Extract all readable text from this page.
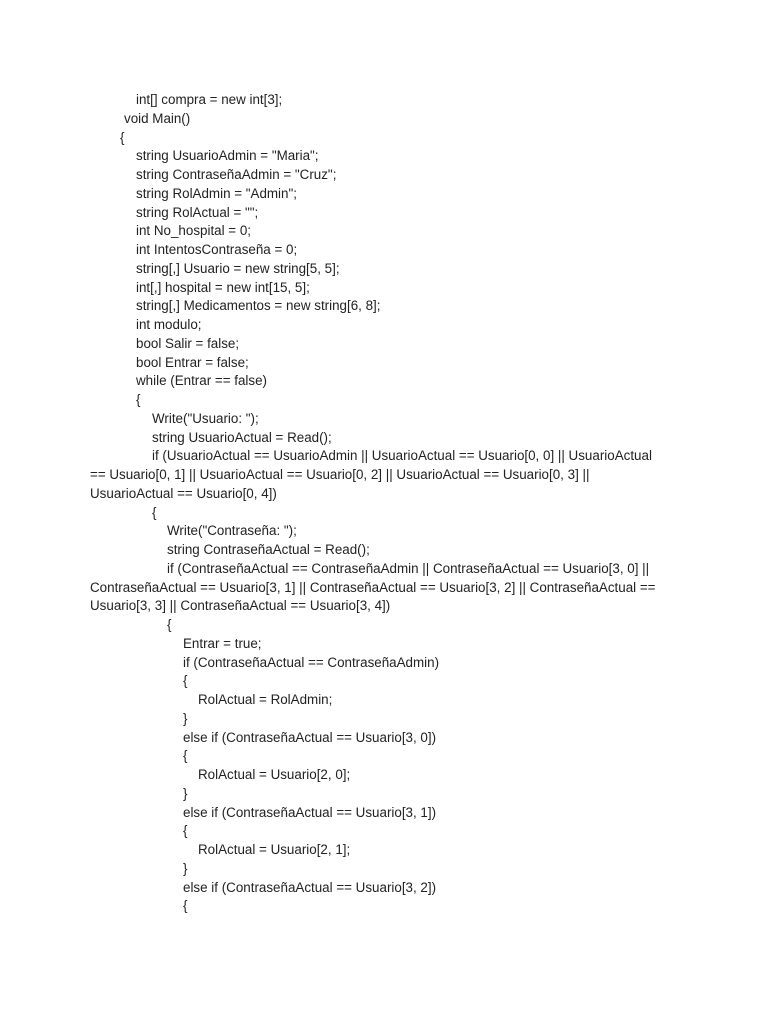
int[] compra = new int[3];
void Main()
{
string UsuarioAdmin = "Maria";
string ContraseñaAdmin = "Cruz";
string RolAdmin = "Admin";
string RolActual = "";
int No_hospital = 0;
int IntentosContraseña = 0;
string[,] Usuario = new string[5, 5];
int[,] hospital = new int[15, 5];
string[,] Medicamentos = new string[6, 8];
int modulo;
bool Salir = false;
bool Entrar = false;
while (Entrar == false)
{
Write("Usuario: ");
string UsuarioActual = Read();
if (UsuarioActual == UsuarioAdmin || UsuarioActual == Usuario[0, 0] || UsuarioActual
== Usuario[0, 1] || UsuarioActual == Usuario[0, 2] || UsuarioActual == Usuario[0, 3] ||
UsuarioActual == Usuario[0, 4])
{
Write("Contraseña: ");
string ContraseñaActual = Read();
if (ContraseñaActual == ContraseñaAdmin || ContraseñaActual == Usuario[3, 0] ||
ContraseñaActual == Usuario[3, 1] || ContraseñaActual == Usuario[3, 2] || ContraseñaActual ==
Usuario[3, 3] || ContraseñaActual == Usuario[3, 4])
{
Entrar = true;
if (ContraseñaActual == ContraseñaAdmin)
{
RolActual = RolAdmin;
}
else if (ContraseñaActual == Usuario[3, 0])
{
RolActual = Usuario[2, 0];
}
else if (ContraseñaActual == Usuario[3, 1])
{
RolActual = Usuario[2, 1];
}
else if (ContraseñaActual == Usuario[3, 2])
{
